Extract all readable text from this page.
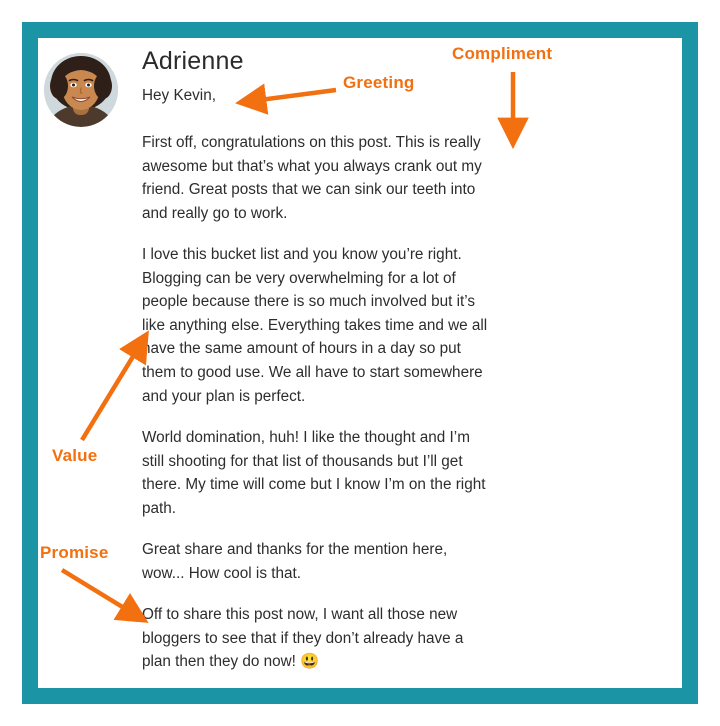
Adrienne

Hey Kevin,

First off, congratulations on this post. This is really awesome but that’s what you always crank out my friend. Great posts that we can sink our teeth into and really go to work.

I love this bucket list and you know you’re right. Blogging can be very overwhelming for a lot of people because there is so much involved but it’s like anything else. Everything takes time and we all have the same amount of hours in a day so put them to good use. We all have to start somewhere and your plan is perfect.

World domination, huh! I like the thought and I’m still shooting for that list of thousands but I’ll get there. My time will come but I know I’m on the right path.

Great share and thanks for the mention here, wow... How cool is that.

Off to share this post now, I want all those new bloggers to see that if they don’t already have a plan then they do now! 😃

Greeting
Compliment
Value
Promise
